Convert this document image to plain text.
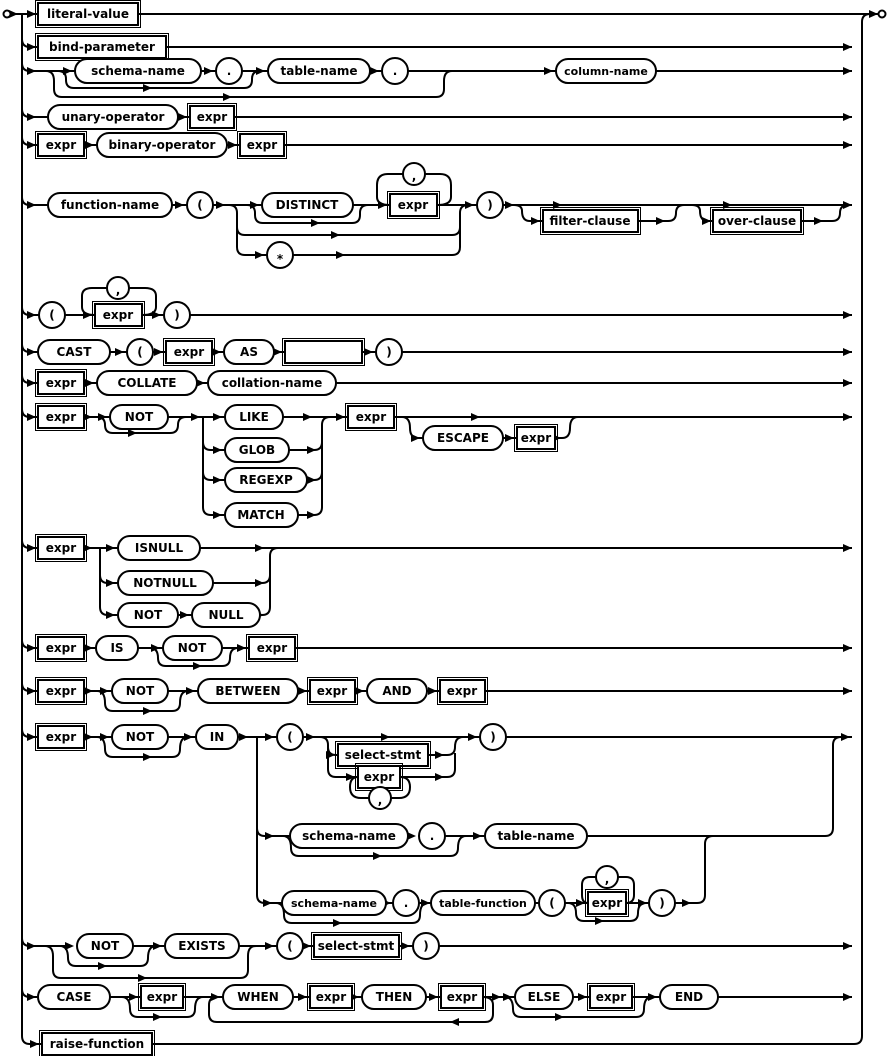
literal-value
bind-parameter
schema-name	.	table-name	.	column-name
unary-operator	expr
expr	binary-operator	expr
function-name	(	DISTINCT
,
expr
*
)
filter-clause	over-clause
(
,
expr	)
CAST	(	expr	AS	)
expr	COLLATE	collation-name
expr	NOT	LIKE
GLOB
REGEXP
MATCH
expr
ESCAPE	expr
expr	ISNULL
NOTNULL
NOT	NULL
expr	IS	NOT	expr
expr	NOT	BETWEEN	expr	AND	expr
expr	NOT	IN	(
select-stmt
expr
,
)
schema-name	.	table-name
schema-name .	table-function (
,
expr	)
NOT	EXISTS	( select-stmt )
CASE	expr	WHEN	expr THEN	expr	ELSE	expr	END
raise-function
